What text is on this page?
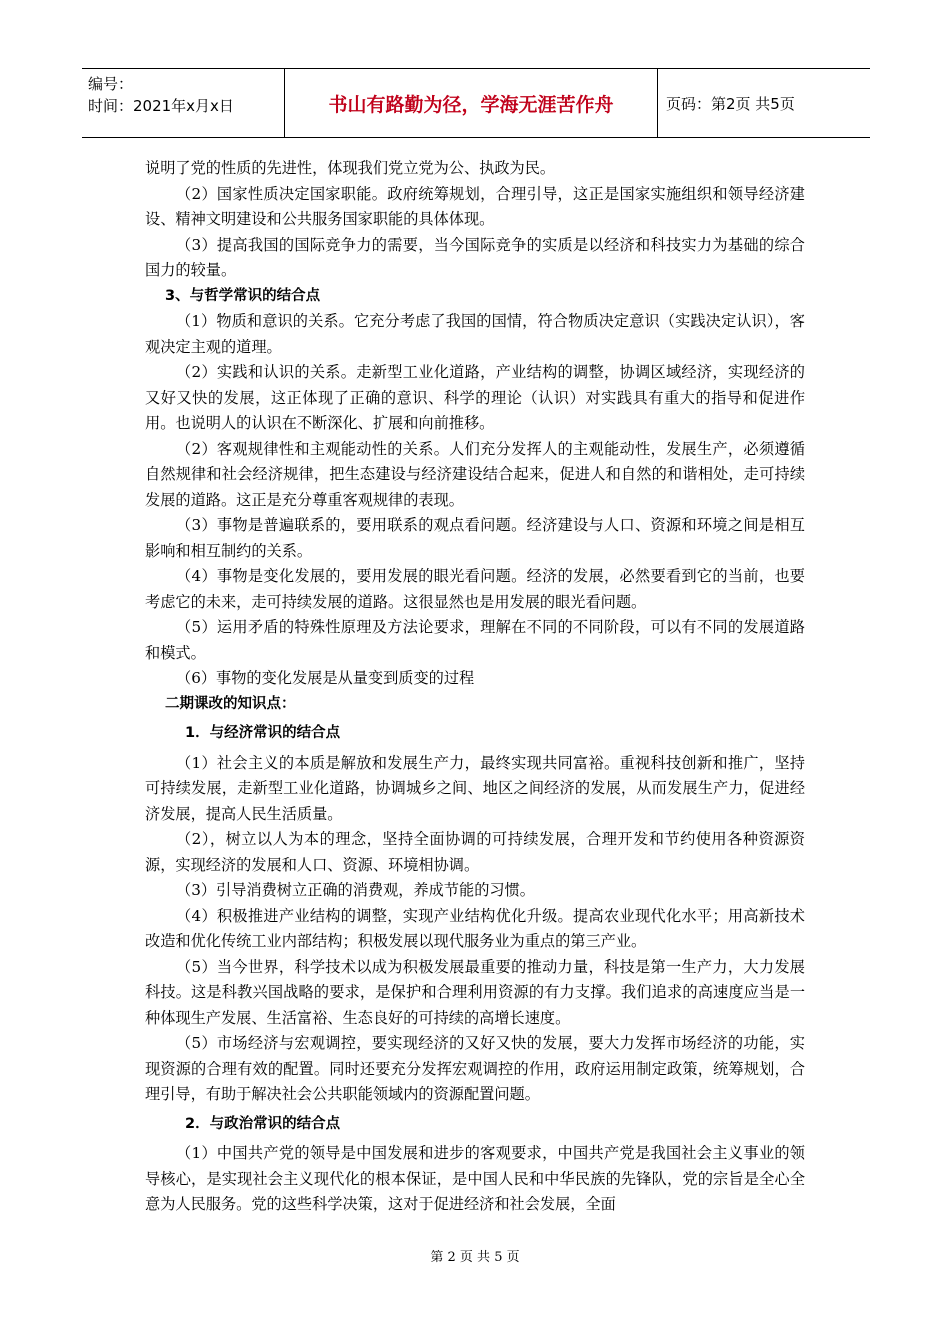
编号：
时间：2021年x月x日	书山有路勤为径，学海无涯苦作舟	页码：第2页 共5页

说明了党的性质的先进性，体现我们党立党为公、执政为民。

（2）国家性质决定国家职能。政府统筹规划，合理引导，这正是国家实施组织和领导经济建设、精神文明建设和公共服务国家职能的具体体现。

（3）提高我国的国际竞争力的需要，当今国际竞争的实质是以经济和科技实力为基础的综合国力的较量。

3、与哲学常识的结合点

（1）物质和意识的关系。它充分考虑了我国的国情，符合物质决定意识（实践决定认识），客观决定主观的道理。

（2）实践和认识的关系。走新型工业化道路，产业结构的调整，协调区域经济，实现经济的又好又快的发展，这正体现了正确的意识、科学的理论（认识）对实践具有重大的指导和促进作用。也说明人的认识在不断深化、扩展和向前推移。

（2）客观规律性和主观能动性的关系。人们充分发挥人的主观能动性，发展生产，必须遵循自然规律和社会经济规律，把生态建设与经济建设结合起来，促进人和自然的和谐相处，走可持续发展的道路。这正是充分尊重客观规律的表现。

（3）事物是普遍联系的，要用联系的观点看问题。经济建设与人口、资源和环境之间是相互影响和相互制约的关系。

（4）事物是变化发展的，要用发展的眼光看问题。经济的发展，必然要看到它的当前，也要考虑它的未来，走可持续发展的道路。这很显然也是用发展的眼光看问题。

（5）运用矛盾的特殊性原理及方法论要求，理解在不同的不同阶段，可以有不同的发展道路和模式。

（6）事物的变化发展是从量变到质变的过程

二期课改的知识点：

1．与经济常识的结合点

（1）社会主义的本质是解放和发展生产力，最终实现共同富裕。重视科技创新和推广，坚持可持续发展，走新型工业化道路，协调城乡之间、地区之间经济的发展，从而发展生产力，促进经济发展，提高人民生活质量。

（2），树立以人为本的理念，坚持全面协调的可持续发展，合理开发和节约使用各种资源资源，实现经济的发展和人口、资源、环境相协调。

（3）引导消费树立正确的消费观，养成节能的习惯。

（4）积极推进产业结构的调整，实现产业结构优化升级。提高农业现代化水平；用高新技术改造和优化传统工业内部结构；积极发展以现代服务业为重点的第三产业。

（5）当今世界，科学技术以成为积极发展最重要的推动力量，科技是第一生产力，大力发展科技。这是科教兴国战略的要求，是保护和合理利用资源的有力支撑。我们追求的高速度应当是一种体现生产发展、生活富裕、生态良好的可持续的高增长速度。

（5）市场经济与宏观调控，要实现经济的又好又快的发展，要大力发挥市场经济的功能，实现资源的合理有效的配置。同时还要充分发挥宏观调控的作用，政府运用制定政策，统筹规划，合理引导，有助于解决社会公共职能领域内的资源配置问题。

2．与政治常识的结合点

（1）中国共产党的领导是中国发展和进步的客观要求，中国共产党是我国社会主义事业的领导核心，是实现社会主义现代化的根本保证，是中国人民和中华民族的先锋队，党的宗旨是全心全意为人民服务。党的这些科学决策，这对于促进经济和社会发展，全面

第 2 页 共 5 页
